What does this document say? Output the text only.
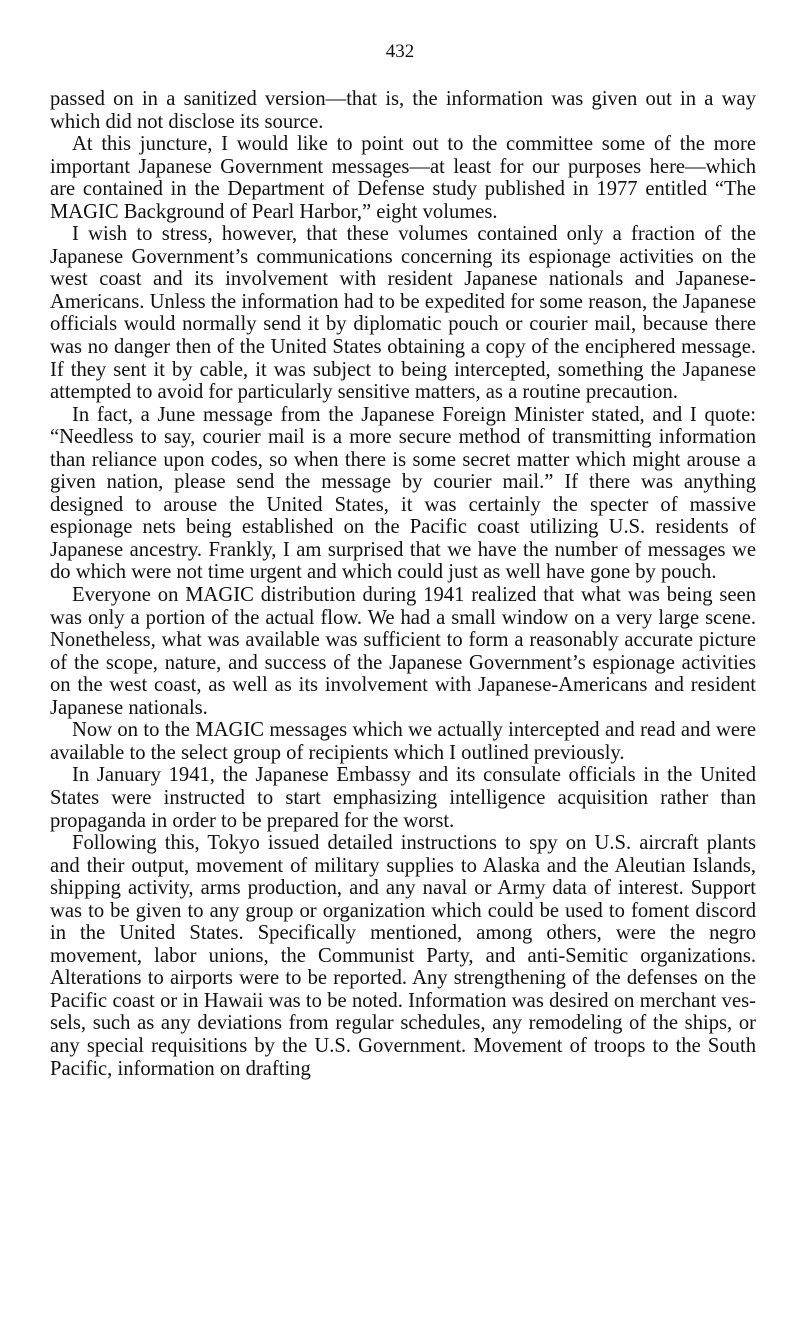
432

passed on in a sanitized version—that is, the information was given out in a way which did not disclose its source.

At this juncture, I would like to point out to the committee some of the more important Japanese Government messages—at least for our purposes here—which are contained in the Department of Defense study published in 1977 entitled “The MAGIC Background of Pearl Harbor,” eight volumes.

I wish to stress, however, that these volumes contained only a fraction of the Japanese Government’s communications concerning its espionage activities on the west coast and its involvement with resident Japanese nationals and Japanese-Americans. Unless the information had to be expedited for some reason, the Japanese officials would normally send it by diplomatic pouch or courier mail, because there was no danger then of the United States obtaining a copy of the enciphered message. If they sent it by cable, it was subject to being intercepted, something the Japanese attempted to avoid for particularly sensitive matters, as a routine precaution.

In fact, a June message from the Japanese Foreign Minister stated, and I quote: “Needless to say, courier mail is a more secure method of transmitting information than reliance upon codes, so when there is some secret matter which might arouse a given nation, please send the message by courier mail.” If there was anything designed to arouse the United States, it was certainly the specter of massive espionage nets being established on the Pacific coast utilizing U.S. residents of Japanese ancestry. Frankly, I am surprised that we have the number of messages we do which were not time urgent and which could just as well have gone by pouch.

Everyone on MAGIC distribution during 1941 realized that what was being seen was only a portion of the actual flow. We had a small window on a very large scene. Nonetheless, what was available was sufficient to form a reasonably accurate picture of the scope, nature, and success of the Japanese Government’s espionage activities on the west coast, as well as its involvement with Japanese-Americans and resident Japanese nationals.

Now on to the MAGIC messages which we actually intercepted and read and were available to the select group of recipients which I outlined previously.

In January 1941, the Japanese Embassy and its consulate officials in the United States were instructed to start emphasizing intelligence acquisition rather than propaganda in order to be prepared for the worst.

Following this, Tokyo issued detailed instructions to spy on U.S. aircraft plants and their output, movement of military supplies to Alaska and the Aleutian Islands, shipping activity, arms production, and any naval or Army data of interest. Support was to be given to any group or organization which could be used to foment discord in the United States. Specifically mentioned, among others, were the negro movement, labor unions, the Communist Party, and anti-Semitic organizations. Alterations to airports were to be reported. Any strengthening of the defenses on the Pacific coast or in Hawaii was to be noted. Information was desired on merchant vessels, such as any deviations from regular schedules, any remodeling of the ships, or any special requisitions by the U.S. Government. Movement of troops to the South Pacific, information on drafting
